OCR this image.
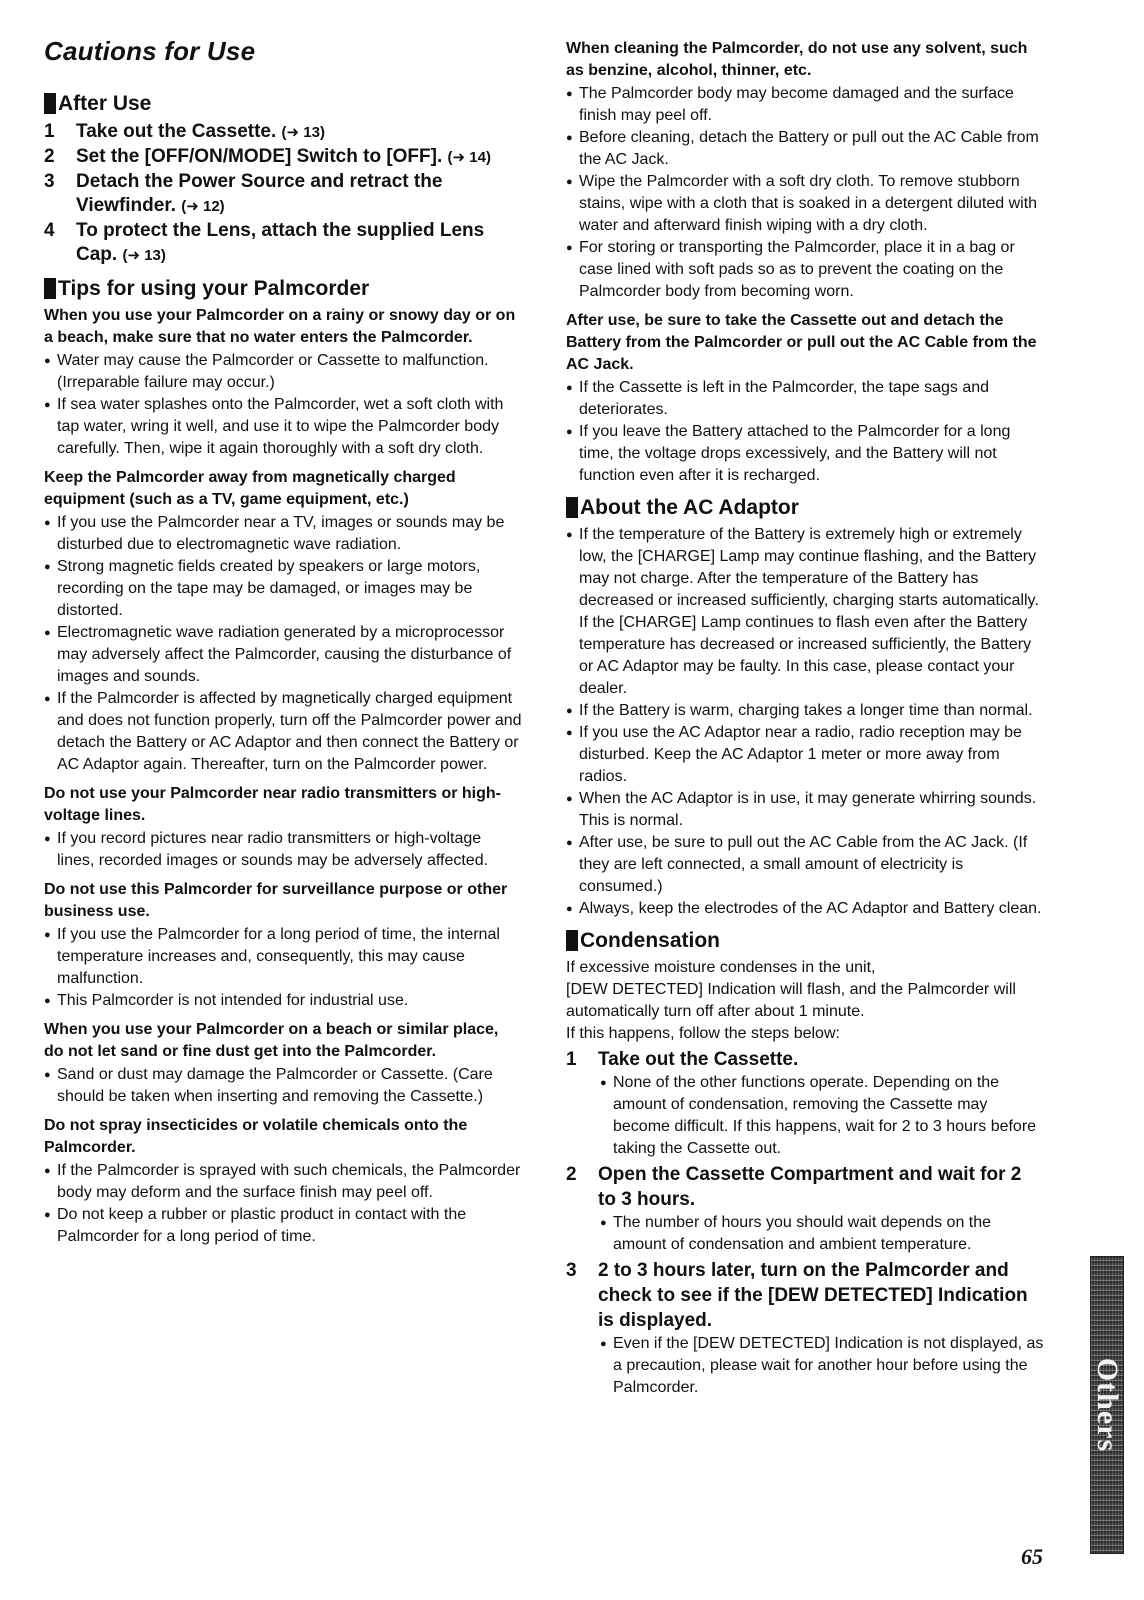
Cautions for Use
After Use
1	Take out the Cassette. (➜ 13)
2	Set the [OFF/ON/MODE] Switch to [OFF]. (➜ 14)
3	Detach the Power Source and retract the Viewfinder. (➜ 12)
4	To protect the Lens, attach the supplied Lens Cap. (➜ 13)
Tips for using your Palmcorder
When you use your Palmcorder on a rainy or snowy day or on a beach, make sure that no water enters the Palmcorder.
● Water may cause the Palmcorder or Cassette to malfunction. (Irreparable failure may occur.)
● If sea water splashes onto the Palmcorder, wet a soft cloth with tap water, wring it well, and use it to wipe the Palmcorder body carefully. Then, wipe it again thoroughly with a soft dry cloth.
Keep the Palmcorder away from magnetically charged equipment (such as a TV, game equipment, etc.)
● If you use the Palmcorder near a TV, images or sounds may be disturbed due to electromagnetic wave radiation.
● Strong magnetic fields created by speakers or large motors, recording on the tape may be damaged, or images may be distorted.
● Electromagnetic wave radiation generated by a microprocessor may adversely affect the Palmcorder, causing the disturbance of images and sounds.
● If the Palmcorder is affected by magnetically charged equipment and does not function properly, turn off the Palmcorder power and detach the Battery or AC Adaptor and then connect the Battery or AC Adaptor again. Thereafter, turn on the Palmcorder power.
Do not use your Palmcorder near radio transmitters or high-voltage lines.
● If you record pictures near radio transmitters or high-voltage lines, recorded images or sounds may be adversely affected.
Do not use this Palmcorder for surveillance purpose or other business use.
● If you use the Palmcorder for a long period of time, the internal temperature increases and, consequently, this may cause malfunction.
● This Palmcorder is not intended for industrial use.
When you use your Palmcorder on a beach or similar place, do not let sand or fine dust get into the Palmcorder.
● Sand or dust may damage the Palmcorder or Cassette. (Care should be taken when inserting and removing the Cassette.)
Do not spray insecticides or volatile chemicals onto the Palmcorder.
● If the Palmcorder is sprayed with such chemicals, the Palmcorder body may deform and the surface finish may peel off.
● Do not keep a rubber or plastic product in contact with the Palmcorder for a long period of time.
When cleaning the Palmcorder, do not use any solvent, such as benzine, alcohol, thinner, etc.
● The Palmcorder body may become damaged and the surface finish may peel off.
● Before cleaning, detach the Battery or pull out the AC Cable from the AC Jack.
● Wipe the Palmcorder with a soft dry cloth. To remove stubborn stains, wipe with a cloth that is soaked in a detergent diluted with water and afterward finish wiping with a dry cloth.
● For storing or transporting the Palmcorder, place it in a bag or case lined with soft pads so as to prevent the coating on the Palmcorder body from becoming worn.
After use, be sure to take the Cassette out and detach the Battery from the Palmcorder or pull out the AC Cable from the AC Jack.
● If the Cassette is left in the Palmcorder, the tape sags and deteriorates.
● If you leave the Battery attached to the Palmcorder for a long time, the voltage drops excessively, and the Battery will not function even after it is recharged.
About the AC Adaptor
● If the temperature of the Battery is extremely high or extremely low, the [CHARGE] Lamp may continue flashing, and the Battery may not charge. After the temperature of the Battery has decreased or increased sufficiently, charging starts automatically. If the [CHARGE] Lamp continues to flash even after the Battery temperature has decreased or increased sufficiently, the Battery or AC Adaptor may be faulty. In this case, please contact your dealer.
● If the Battery is warm, charging takes a longer time than normal.
● If you use the AC Adaptor near a radio, radio reception may be disturbed. Keep the AC Adaptor 1 meter or more away from radios.
● When the AC Adaptor is in use, it may generate whirring sounds. This is normal.
● After use, be sure to pull out the AC Cable from the AC Jack. (If they are left connected, a small amount of electricity is consumed.)
● Always, keep the electrodes of the AC Adaptor and Battery clean.
Condensation

If excessive moisture condenses in the unit,

[DEW DETECTED] Indication will flash, and the Palmcorder will automatically turn off after about 1 minute.

If this happens, follow the steps below:

1	Take out the Cassette.
● None of the other functions operate. Depending on the amount of condensation, removing the Cassette may become difficult. If this happens, wait for 2 to 3 hours before taking the Cassette out.
2	Open the Cassette Compartment and wait for 2 to 3 hours.
● The number of hours you should wait depends on the amount of condensation and ambient temperature.
3	2 to 3 hours later, turn on the Palmcorder and check to see if the [DEW DETECTED] Indication is displayed.
● Even if the [DEW DETECTED] Indication is not displayed, as a precaution, please wait for another hour before using the Palmcorder.	Others
65
